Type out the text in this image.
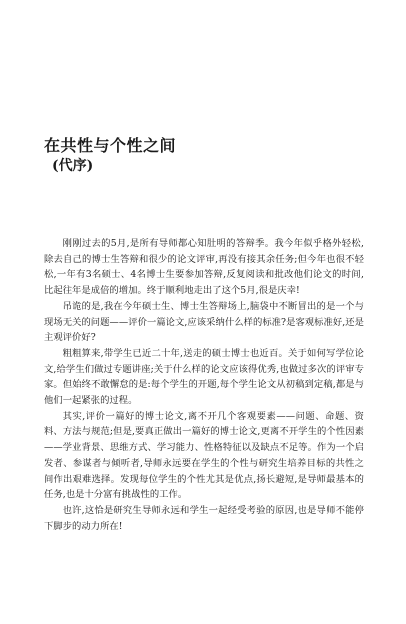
在共性与个性之间
(代序)

刚刚过去的5月,是所有导师都心知肚明的答辩季。我今年似乎格外轻松,除去自己的博士生答辩和很少的论文评审,再没有接其余任务;但今年也很不轻松,一年有3名硕士、4名博士生要参加答辩,反复阅读和批改他们论文的时间,比起往年是成倍的增加。终于顺利地走出了这个5月,很是庆幸!

吊诡的是,我在今年硕士生、博士生答辩场上,脑袋中不断冒出的是一个与现场无关的问题——评价一篇论文,应该采纳什么样的标准?是客观标准好,还是主观评价好?

粗粗算来,带学生已近二十年,送走的硕士博士也近百。关于如何写学位论文,给学生们做过专题讲座;关于什么样的论文应该得优秀,也做过多次的评审专家。但始终不敢懈怠的是:每个学生的开题,每个学生论文从初稿到定稿,都是与他们一起紧张的过程。

其实,评价一篇好的博士论文,离不开几个客观要素——问题、命题、资料、方法与规范;但是,要真正做出一篇好的博士论文,更离不开学生的个性因素——学业背景、思维方式、学习能力、性格特征以及缺点不足等。作为一个启发者、参谋者与倾听者,导师永远要在学生的个性与研究生培养目标的共性之间作出艰难选择。发现每位学生的个性尤其是优点,扬长避短,是导师最基本的任务,也是十分富有挑战性的工作。

也许,这恰是研究生导师永远和学生一起经受考验的原因,也是导师不能停下脚步的动力所在!
